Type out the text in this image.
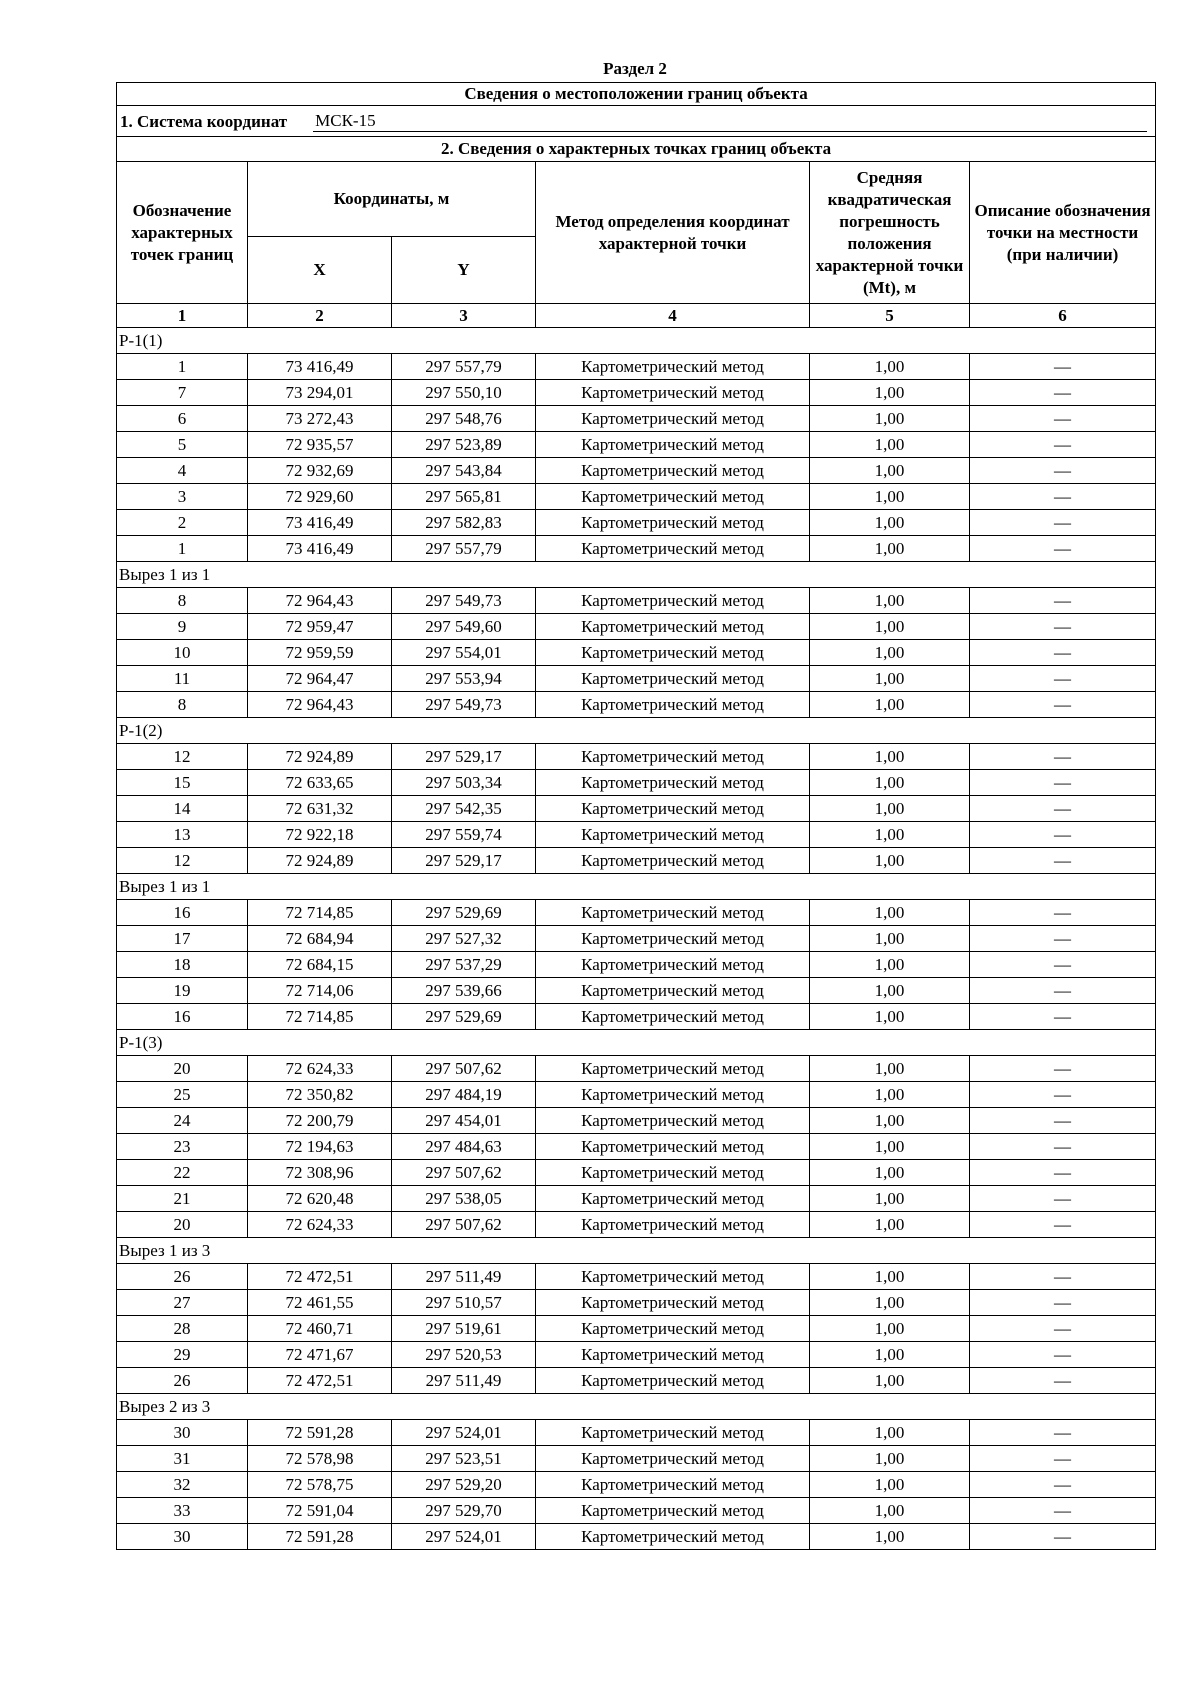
Раздел 2
Сведения о местоположении границ объекта					

1. Система координат МСК-15					

2. Сведения о характерных точках границ объекта					
Обозначение характерных точек границ	Координаты, м		Метод определения координат характерной точки	Средняя квадратическая погрешность положения характерной точки (Mt), м	Описание обозначения точки на местности (при наличии)
	X	Y			
1	2	3	4	5	6
Р-1(1)					
1	73 416,49	297 557,79	Картометрический метод	1,00	—
7	73 294,01	297 550,10	Картометрический метод	1,00	—
6	73 272,43	297 548,76	Картометрический метод	1,00	—
5	72 935,57	297 523,89	Картометрический метод	1,00	—
4	72 932,69	297 543,84	Картометрический метод	1,00	—
3	72 929,60	297 565,81	Картометрический метод	1,00	—
2	73 416,49	297 582,83	Картометрический метод	1,00	—
1	73 416,49	297 557,79	Картометрический метод	1,00	—
Вырез 1 из 1					
8	72 964,43	297 549,73	Картометрический метод	1,00	—
9	72 959,47	297 549,60	Картометрический метод	1,00	—
10	72 959,59	297 554,01	Картометрический метод	1,00	—
11	72 964,47	297 553,94	Картометрический метод	1,00	—
8	72 964,43	297 549,73	Картометрический метод	1,00	—
Р-1(2)					
12	72 924,89	297 529,17	Картометрический метод	1,00	—
15	72 633,65	297 503,34	Картометрический метод	1,00	—
14	72 631,32	297 542,35	Картометрический метод	1,00	—
13	72 922,18	297 559,74	Картометрический метод	1,00	—
12	72 924,89	297 529,17	Картометрический метод	1,00	—
Вырез 1 из 1					
16	72 714,85	297 529,69	Картометрический метод	1,00	—
17	72 684,94	297 527,32	Картометрический метод	1,00	—
18	72 684,15	297 537,29	Картометрический метод	1,00	—
19	72 714,06	297 539,66	Картометрический метод	1,00	—
16	72 714,85	297 529,69	Картометрический метод	1,00	—
Р-1(3)					
20	72 624,33	297 507,62	Картометрический метод	1,00	—
25	72 350,82	297 484,19	Картометрический метод	1,00	—
24	72 200,79	297 454,01	Картометрический метод	1,00	—
23	72 194,63	297 484,63	Картометрический метод	1,00	—
22	72 308,96	297 507,62	Картометрический метод	1,00	—
21	72 620,48	297 538,05	Картометрический метод	1,00	—
20	72 624,33	297 507,62	Картометрический метод	1,00	—
Вырез 1 из 3					
26	72 472,51	297 511,49	Картометрический метод	1,00	—
27	72 461,55	297 510,57	Картометрический метод	1,00	—
28	72 460,71	297 519,61	Картометрический метод	1,00	—
29	72 471,67	297 520,53	Картометрический метод	1,00	—
26	72 472,51	297 511,49	Картометрический метод	1,00	—
Вырез 2 из 3					
30	72 591,28	297 524,01	Картометрический метод	1,00	—
31	72 578,98	297 523,51	Картометрический метод	1,00	—
32	72 578,75	297 529,20	Картометрический метод	1,00	—
33	72 591,04	297 529,70	Картометрический метод	1,00	—
30	72 591,28	297 524,01	Картометрический метод	1,00	—
